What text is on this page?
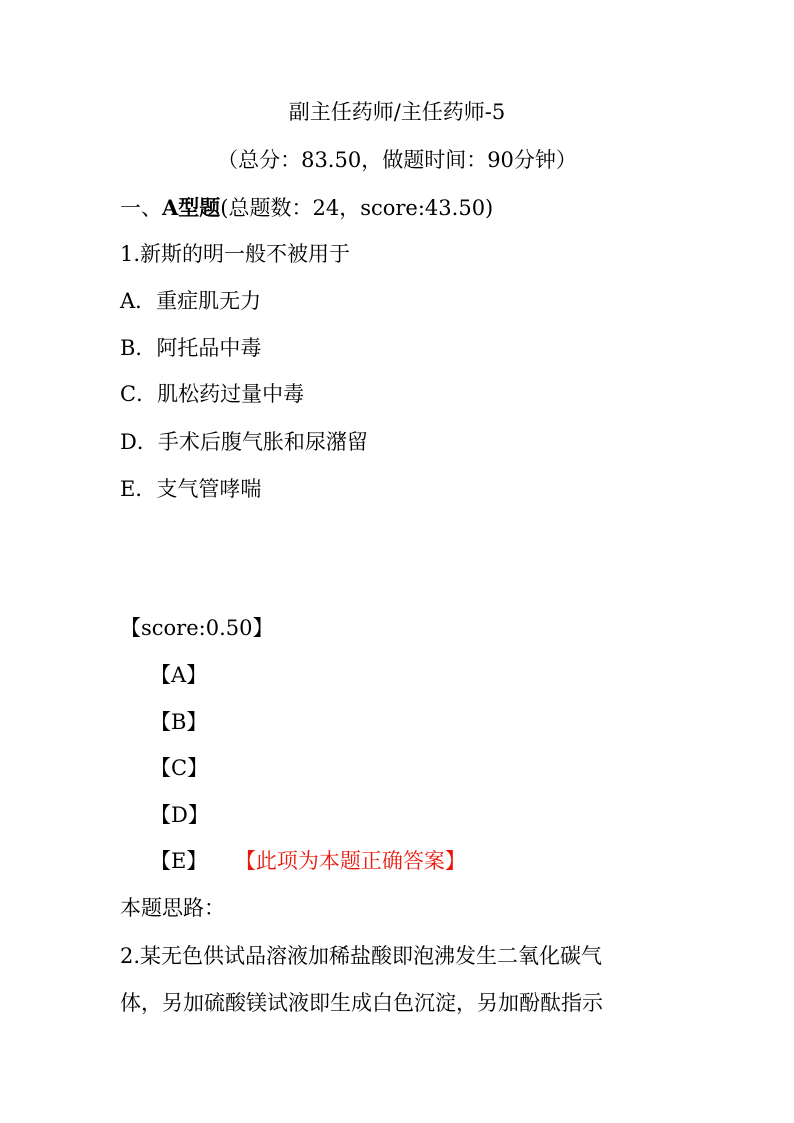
副主任药师/主任药师-5
（总分：83.50，做题时间：90分钟）
一、A型题(总题数：24，score:43.50)
1.新斯的明一般不被用于
A．重症肌无力
B．阿托品中毒
C．肌松药过量中毒
D．手术后腹气胀和尿潴留
E．支气管哮喘
【score:0.50】
【A】
【B】
【C】
【D】
【E】 【此项为本题正确答案】
本题思路：
2.某无色供试品溶液加稀盐酸即泡沸发生二氧化碳气
体，另加硫酸镁试液即生成白色沉淀，另加酚酞指示
